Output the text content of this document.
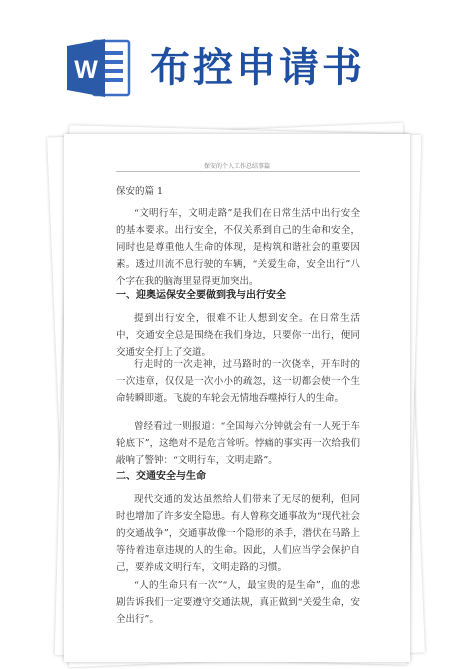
W 布控申请书
保安的个人工作总结事篇

保安的篇 1

“文明行车，文明走路”是我们在日常生活中出行安全的基本要求。出行安全，不仅关系到自己的生命和安全，同时也是尊重他人生命的体现，是构筑和谐社会的重要因素。透过川流不息行驶的车辆，“关爱生命，安全出行”八个字在我的脑海里显得更加突出。

一、迎奥运保安全要做到我与出行安全

提到出行安全，很难不让人想到安全。在日常生活中，交通安全总是围绕在我们身边，只要你一出行，便同交通安全打上了交道。

行走时的一次走神，过马路时的一次侥幸，开车时的一次违章，仅仅是一次小小的疏忽，这一切都会使一个生命转瞬即逝。飞旋的车轮会无情地吞噬掉行人的生命。

曾经看过一则报道：“全国每六分钟就会有一人死于车轮底下”，这绝对不是危言耸听。悖痛的事实再一次给我们敲响了警钟：“文明行车，文明走路”。

二、交通安全与生命

现代交通的发达虽然给人们带来了无尽的便利，但同时也增加了许多安全隐患。有人曾称交通事故为“现代社会的交通战争”，交通事故像一个隐形的杀手，潜伏在马路上等待着违章违规的人的生命。因此，人们应当学会保护自己，要养成文明行车，文明走路的习惯。

“人的生命只有一次”“人，最宝贵的是生命”，血的悲剧告诉我们一定要遵守交通法规，真正做到“关爱生命，安全出行”。
